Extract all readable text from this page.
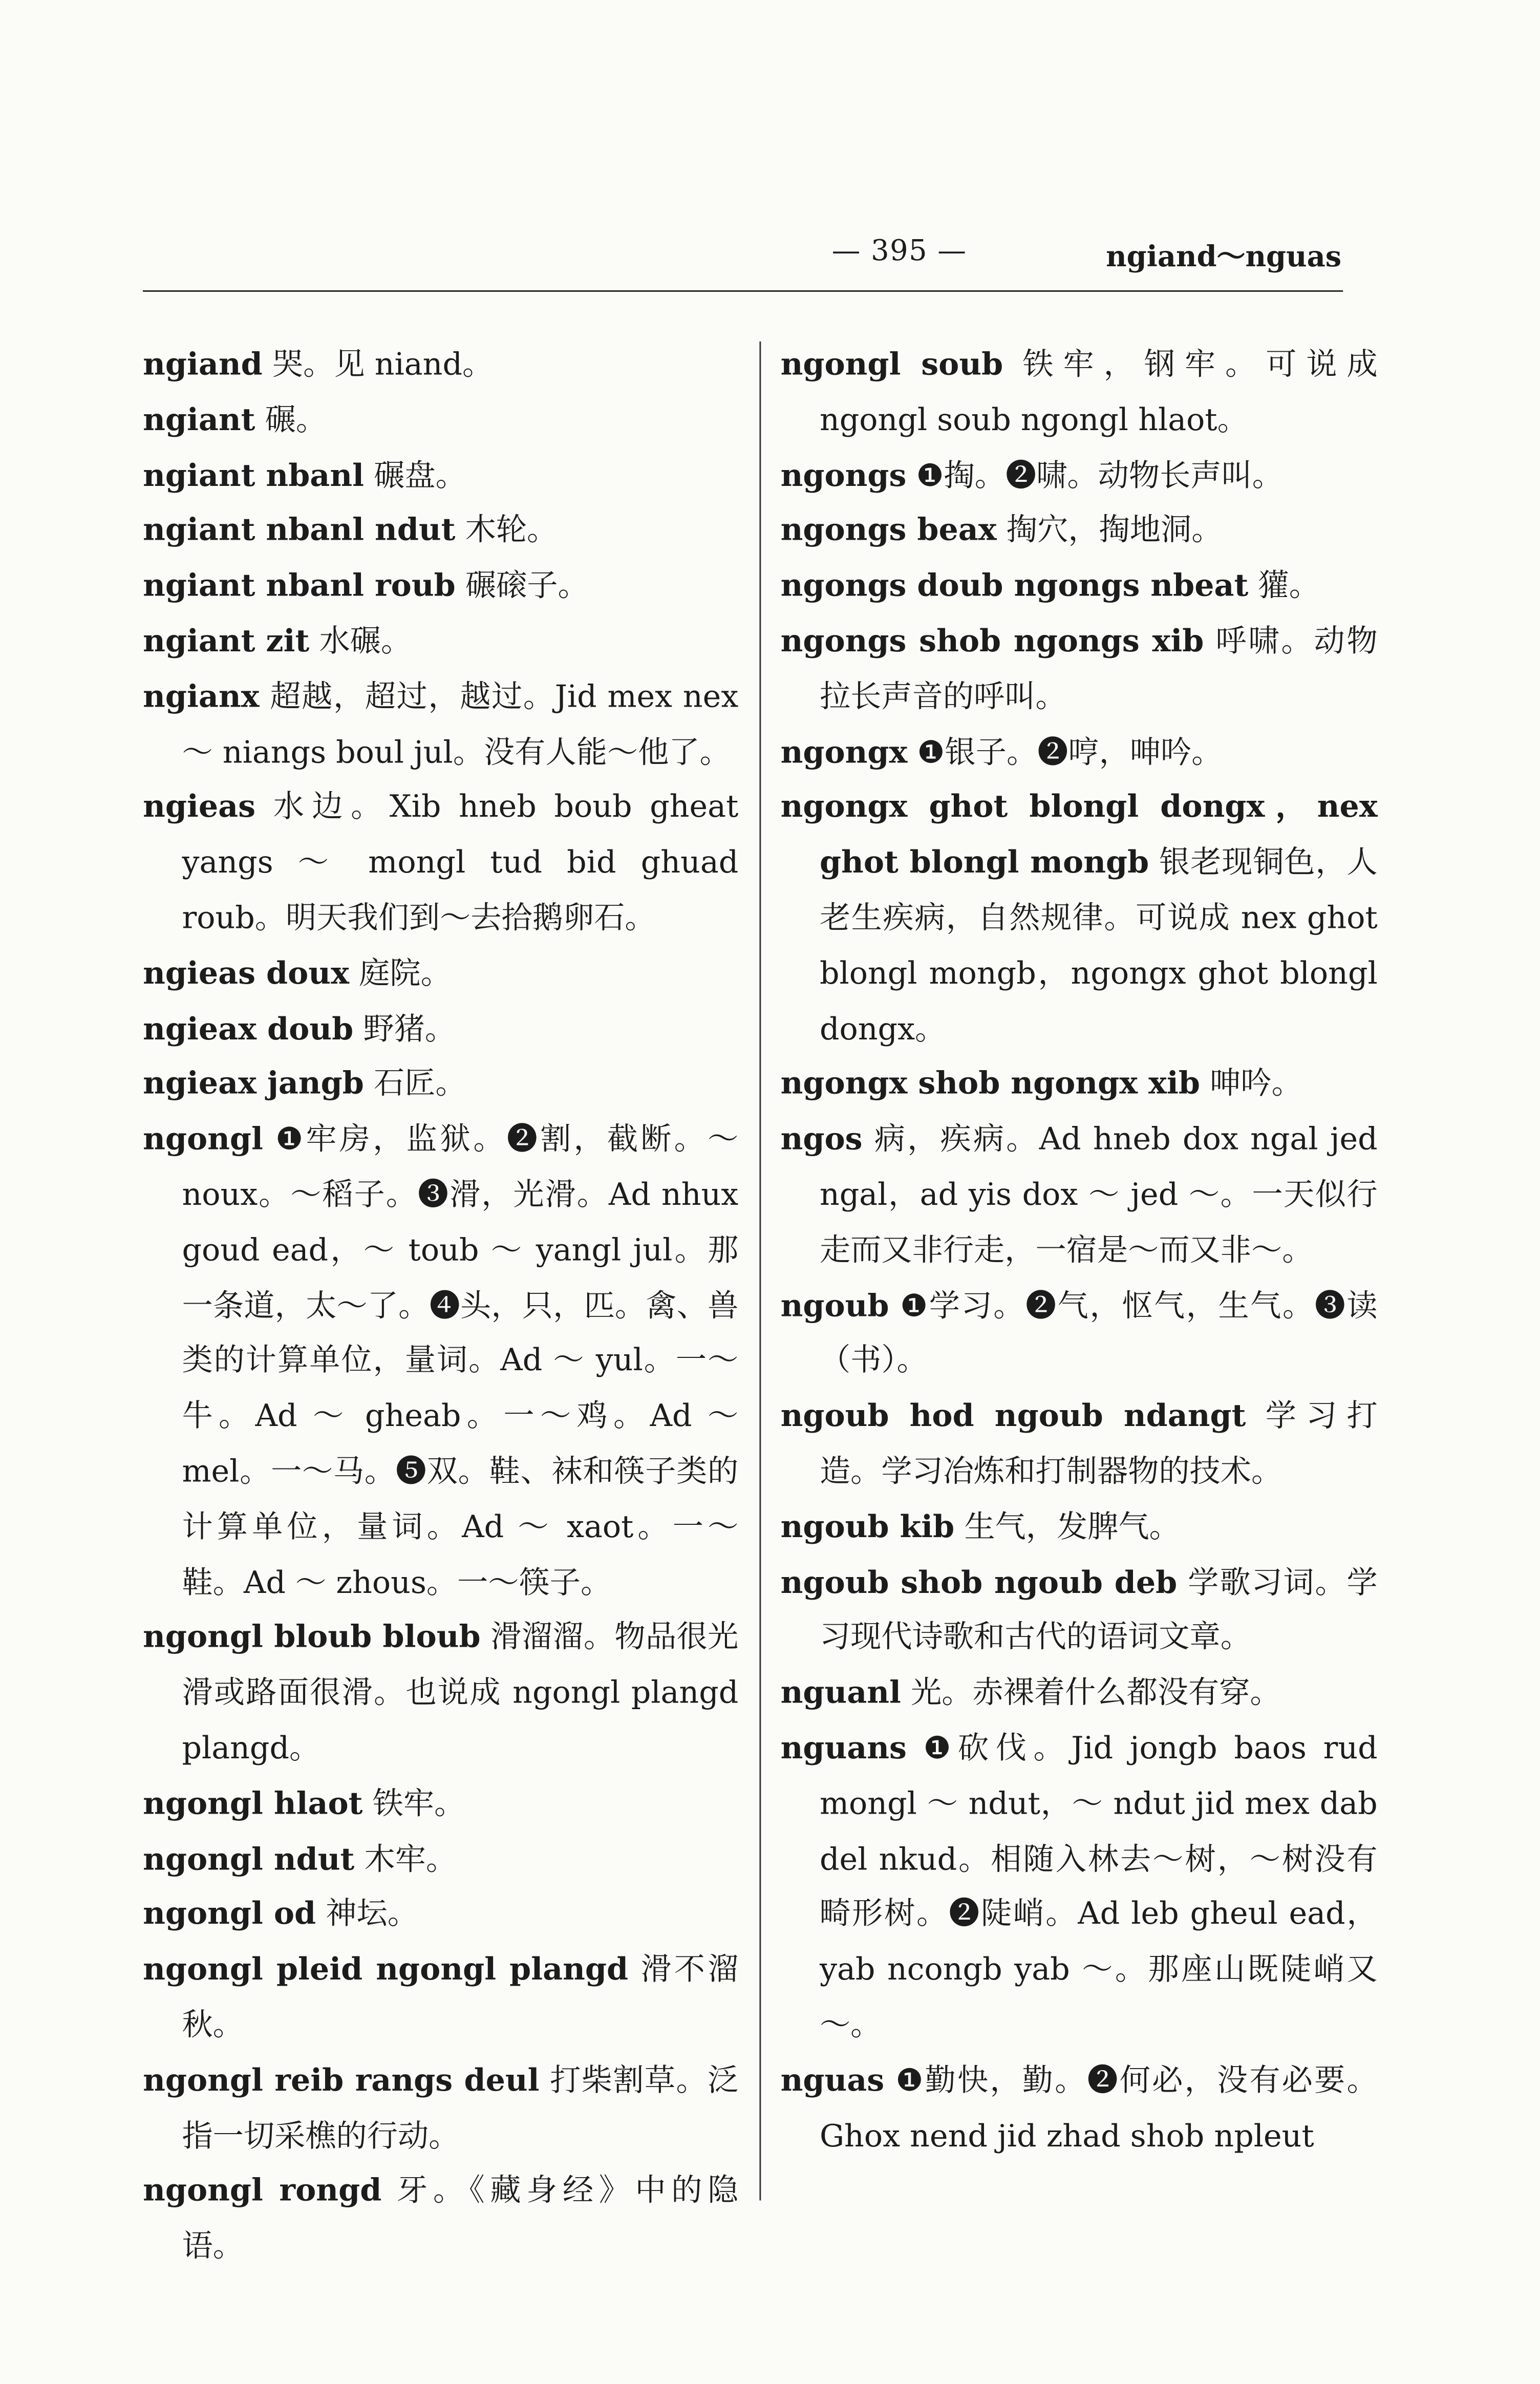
— 395 —	ngiand～nguas

ngiand 哭。见 niand。

ngiant 碾。

ngiant nbanl 碾盘。

ngiant nbanl ndut 木轮。

ngiant nbanl roub 碾磙子。

ngiant zit 水碾。

ngianx 超越，超过，越过。Jid mex nex ～ niangs boul jul。没有人能～他了。

ngieas 水边。Xib hneb boub gheat yangs ～ mongl tud bid ghuad roub。明天我们到～去拾鹅卵石。

ngieas doux 庭院。

ngieax doub 野猪。

ngieax jangb 石匠。

ngongl ❶牢房，监狱。❷割，截断。～noux。～稻子。❸滑，光滑。Ad nhux goud ead，～ toub ～ yangl jul。那一条道，太～了。❹头，只，匹。禽、兽类的计算单位，量词。Ad ～ yul。一～牛。Ad ～ gheab。一～鸡。Ad ～ mel。一～马。❺双。鞋、袜和筷子类的计算单位，量词。Ad ～ xaot。一～鞋。Ad ～ zhous。一～筷子。

ngongl bloub bloub 滑溜溜。物品很光滑或路面很滑。也说成 ngongl plangd plangd。

ngongl hlaot 铁牢。

ngongl ndut 木牢。

ngongl od 神坛。

ngongl pleid ngongl plangd 滑不溜秋。

ngongl reib rangs deul 打柴割草。泛指一切采樵的行动。

ngongl rongd 牙。《藏身经》中的隐语。

ngongl soub 铁牢，钢牢。可说成 ngongl soub ngongl hlaot。

ngongs ❶掏。❷啸。动物长声叫。

ngongs beax 掏穴，掏地洞。

ngongs doub ngongs nbeat 獾。

ngongs shob ngongs xib 呼啸。动物拉长声音的呼叫。

ngongx ❶银子。❷哼，呻吟。

ngongx ghot blongl dongx，nex ghot blongl mongb 银老现铜色，人老生疾病，自然规律。可说成 nex ghot blongl mongb，ngongx ghot blongl dongx。

ngongx shob ngongx xib 呻吟。

ngos 病，疾病。Ad hneb dox ngal jed ngal，ad yis dox ～ jed ～。一天似行走而又非行走，一宿是～而又非～。

ngoub ❶学习。❷气，怄气，生气。❸读（书）。

ngoub hod ngoub ndangt 学习打造。学习冶炼和打制器物的技术。

ngoub kib 生气，发脾气。

ngoub shob ngoub deb 学歌习词。学习现代诗歌和古代的语词文章。

nguanl 光。赤裸着什么都没有穿。

nguans ❶砍伐。Jid jongb baos rud mongl ～ ndut，～ ndut jid mex dab del nkud。相随入林去～树，～树没有畸形树。❷陡峭。Ad leb gheul ead，yab ncongb yab ～。那座山既陡峭又～。

nguas ❶勤快，勤。❷何必，没有必要。Ghox nend jid zhad shob npleut
